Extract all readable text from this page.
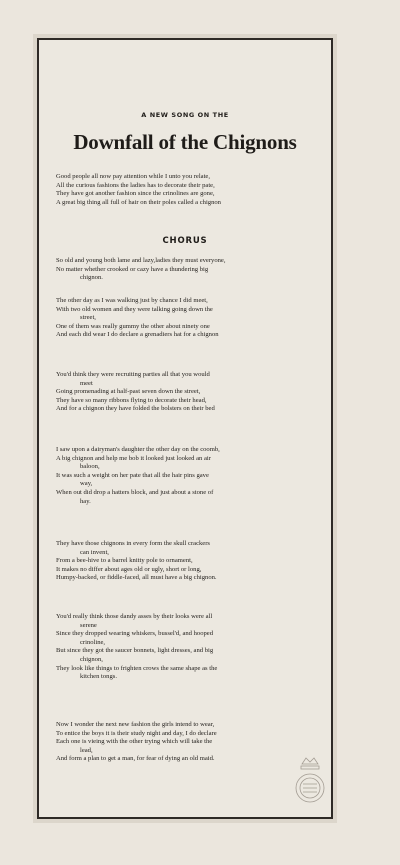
A NEW SONG ON THE
Downfall of the Chignons
Good people all now pay attention while I unto you relate,
All the curious fashions the ladies has to decorate their pate,
They have got another fashion since the crinolines are gone,
A great big thing all full of hair on their poles called a chignon
CHORUS
So old and young both lame and lazy,ladies they must everyone,
No matter whether crooked or cazy have a thundering big
chignon.
The other day as I was walking just by chance I did meet,
With two old women and they were talking going down the
street,
One of them was really gummy the other about ninety one
And each did wear I do declare a grenadiers hat for a chignon
You'd think they were recruiting parties all that you would
meet
Going promenading at half-past seven down the street,
They have so many ribbons flying to decorate their head,
And for a chignon they have folded the bolsters on their bed
I saw upon a dairyman's daughter the other day on the coomb,
A big chignon and help me bob it looked just looked an air
baloon,
It was such a weight on her pate that all the hair pins gave
way,
When out did drop a hatters block, and just about a stone of
hay.
They have those chignons in every form the skull crackers
can invent,
From a bee-hive to a barrel knitty pole to ornament,
It makes no differ about ages old or ugly, short or long,
Humpy-backed, or fiddle-faced, all must have a big chignon.
You'd really think those dandy asses by their looks were all
serene
Since they dropped wearing whiskers, bussel'd, and hooped
crinoline,
But since they got the saucer bonnets, light dresses, and big
chignon,
They look like things to frighten crows the same shape as the
kitchen tongs.
Now I wonder the next new fashion the girls intend to wear,
To entice the boys it is their study night and day, I do declare
Each one is vieing with the other trying which will take the
lead,
And form a plan to get a man, for fear of dying an old maid.
